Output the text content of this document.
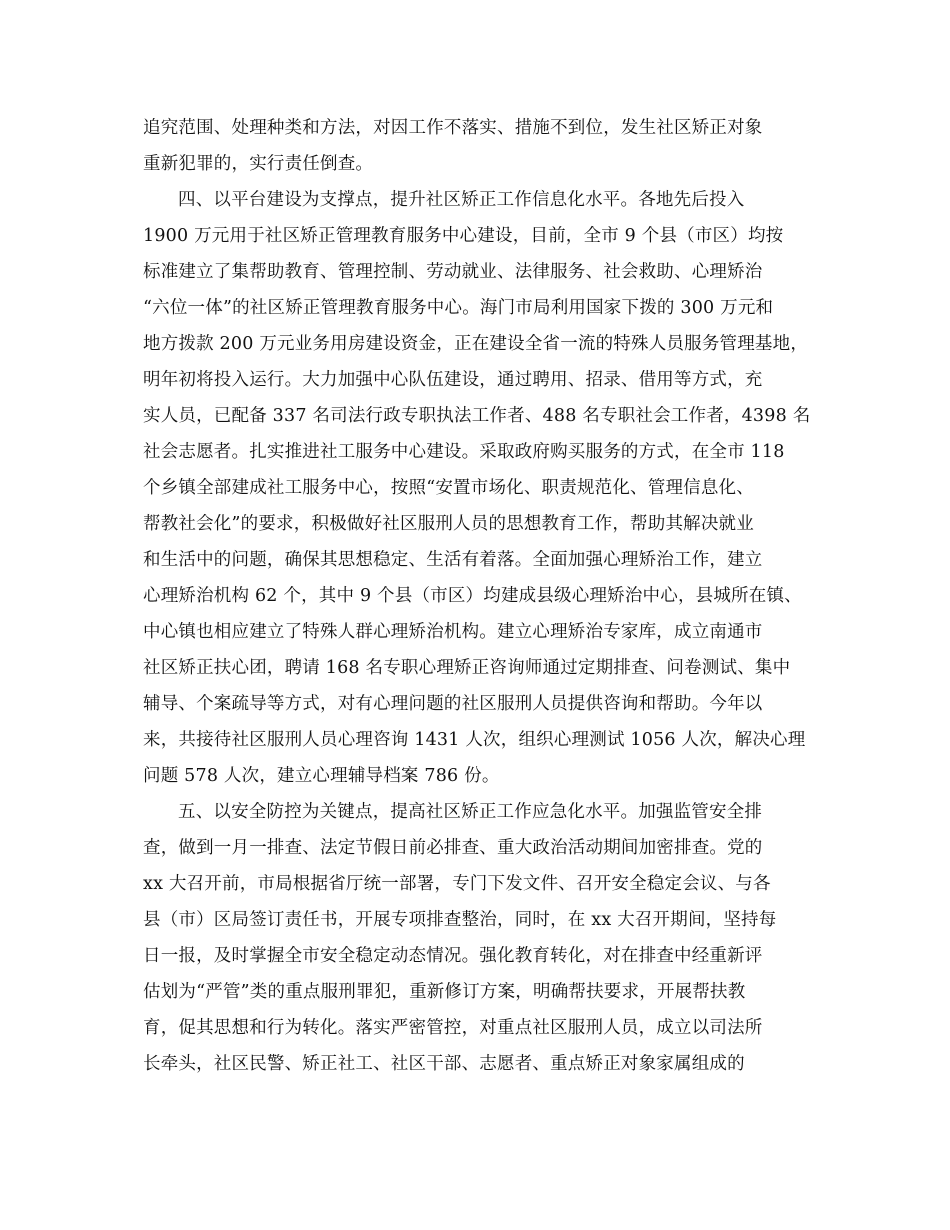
追究范围、处理种类和方法，对因工作不落实、措施不到位，发生社区矫正对象
重新犯罪的，实行责任倒查。
四、以平台建设为支撑点，提升社区矫正工作信息化水平。各地先后投入
1900 万元用于社区矫正管理教育服务中心建设，目前，全市 9 个县（市区）均按
标准建立了集帮助教育、管理控制、劳动就业、法律服务、社会救助、心理矫治
“六位一体”的社区矫正管理教育服务中心。海门市局利用国家下拨的 300 万元和
地方拨款 200 万元业务用房建设资金，正在建设全省一流的特殊人员服务管理基地，
明年初将投入运行。大力加强中心队伍建设，通过聘用、招录、借用等方式，充
实人员，已配备 337 名司法行政专职执法工作者、488 名专职社会工作者，4398 名
社会志愿者。扎实推进社工服务中心建设。采取政府购买服务的方式，在全市 118
个乡镇全部建成社工服务中心，按照“安置市场化、职责规范化、管理信息化、
帮教社会化”的要求，积极做好社区服刑人员的思想教育工作，帮助其解决就业
和生活中的问题，确保其思想稳定、生活有着落。全面加强心理矫治工作，建立
心理矫治机构 62 个，其中 9 个县（市区）均建成县级心理矫治中心，县城所在镇、
中心镇也相应建立了特殊人群心理矫治机构。建立心理矫治专家库，成立南通市
社区矫正扶心团，聘请 168 名专职心理矫正咨询师通过定期排查、问卷测试、集中
辅导、个案疏导等方式，对有心理问题的社区服刑人员提供咨询和帮助。今年以
来，共接待社区服刑人员心理咨询 1431 人次，组织心理测试 1056 人次，解决心理
问题 578 人次，建立心理辅导档案 786 份。
五、以安全防控为关键点，提高社区矫正工作应急化水平。加强监管安全排
查，做到一月一排查、法定节假日前必排查、重大政治活动期间加密排查。党的
xx 大召开前，市局根据省厅统一部署，专门下发文件、召开安全稳定会议、与各
县（市）区局签订责任书，开展专项排查整治，同时，在 xx 大召开期间，坚持每
日一报，及时掌握全市安全稳定动态情况。强化教育转化，对在排查中经重新评
估划为“严管”类的重点服刑罪犯，重新修订方案，明确帮扶要求，开展帮扶教
育，促其思想和行为转化。落实严密管控，对重点社区服刑人员，成立以司法所
长牵头，社区民警、矫正社工、社区干部、志愿者、重点矫正对象家属组成的
